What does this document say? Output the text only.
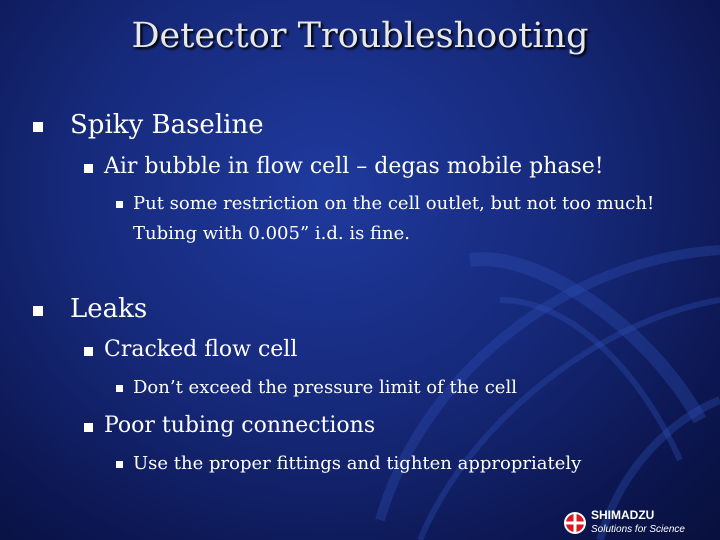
Detector Troubleshooting
Spiky Baseline
Air bubble in flow cell – degas mobile phase!
Put some restriction on the cell outlet, but not too much!
Tubing with 0.005” i.d. is fine.
Leaks
Cracked flow cell
Don’t exceed the pressure limit of the cell
Poor tubing connections
Use the proper fittings and tighten appropriately
SHIMADZU
Solutions for Science
